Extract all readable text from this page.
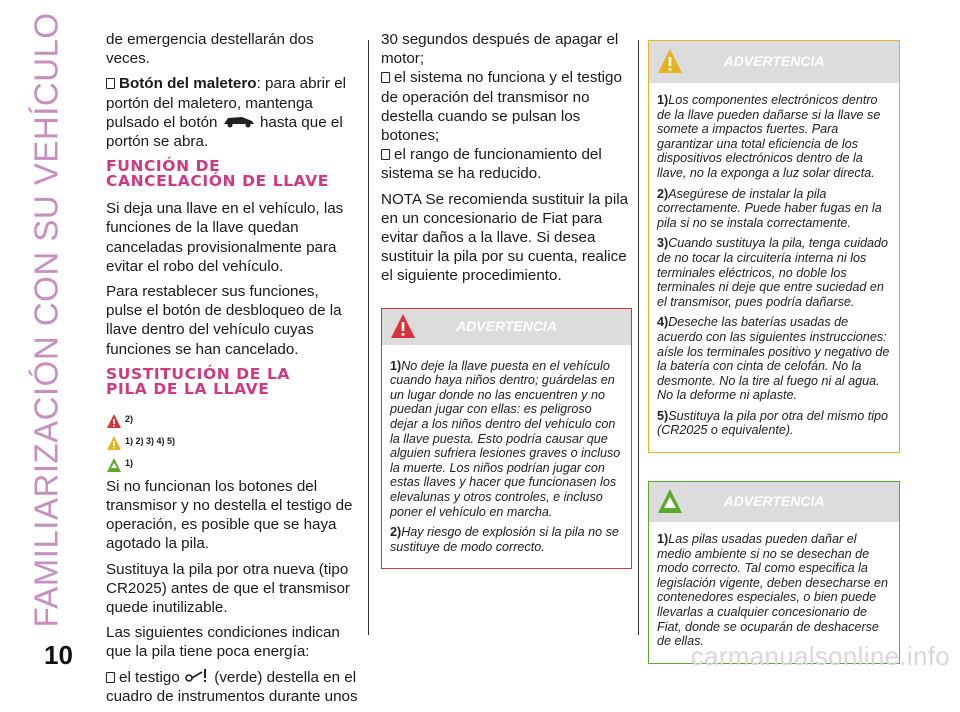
FAMILIARIZACIÓN CON SU VEHÍCULO	de emergencia destellarán dos veces.

Botón del maletero: para abrir el portón del maletero, mantenga pulsado el botón	hasta que el portón se abra.

FUNCIÓN DE
CANCELACIÓN DE LLAVE

Si deja una llave en el vehículo, las funciones de la llave quedan canceladas provisionalmente para evitar el robo del vehículo.

Para restablecer sus funciones, pulse el botón de desbloqueo de la llave dentro del vehículo cuyas funciones se han cancelado.

SUSTITUCIÓN DE LA
PILA DE LA LLAVE
2)
1) 2) 3) 4) 5)
1)

Si no funcionan los botones del transmisor y no destella el testigo de operación, es posible que se haya agotado la pila.

Sustituya la pila por otra nueva (tipo CR2025) antes de que el transmisor quede inutilizable.

Las siguientes condiciones indican que la pila tiene poca energía:

el testigo (verde) destella en el cuadro de instrumentos durante unos

30 segundos después de apagar el motor;

el sistema no funciona y el testigo de operación del transmisor no destella cuando se pulsan los botones;

el rango de funcionamiento del sistema se ha reducido.

NOTA Se recomienda sustituir la pila en un concesionario de Fiat para evitar daños a la llave. Si desea sustituir la pila por su cuenta, realice el siguiente procedimiento.

ADVERTENCIA

1)No deje la llave puesta en el vehículo cuando haya niños dentro; guárdelas en un lugar donde no las encuentren y no puedan jugar con ellas: es peligroso dejar a los niños dentro del vehículo con la llave puesta. Esto podría causar que alguien sufriera lesiones graves o incluso la muerte. Los niños podrían jugar con estas llaves y hacer que funcionasen los elevalunas y otros controles, e incluso poner el vehículo en marcha.

2)Hay riesgo de explosión si la pila no se sustituye de modo correcto.

ADVERTENCIA

1)Los componentes electrónicos dentro de la llave pueden dañarse si la llave se somete a impactos fuertes. Para garantizar una total eficiencia de los dispositivos electrónicos dentro de la llave, no la exponga a luz solar directa.

2)Asegúrese de instalar la pila correctamente. Puede haber fugas en la pila si no se instala correctamente.

3)Cuando sustituya la pila, tenga cuidado de no tocar la circuitería interna ni los terminales eléctricos, no doble los terminales ni deje que entre suciedad en el transmisor, pues podría dañarse.

4)Deseche las baterías usadas de acuerdo con las siguientes instrucciones: aísle los terminales positivo y negativo de la batería con cinta de celofán. No la desmonte. No la tire al fuego ni al agua. No la deforme ni aplaste.

5)Sustituya la pila por otra del mismo tipo (CR2025 o equivalente).

ADVERTENCIA

1)Las pilas usadas pueden dañar el medio ambiente si no se desechan de modo correcto. Tal como especifica la legislación vigente, deben desecharse en contenedores especiales, o bien puede llevarlas a cualquier concesionario de Fiat, donde se ocuparán de deshacerse de ellas.

10	carmanualsonline.info
